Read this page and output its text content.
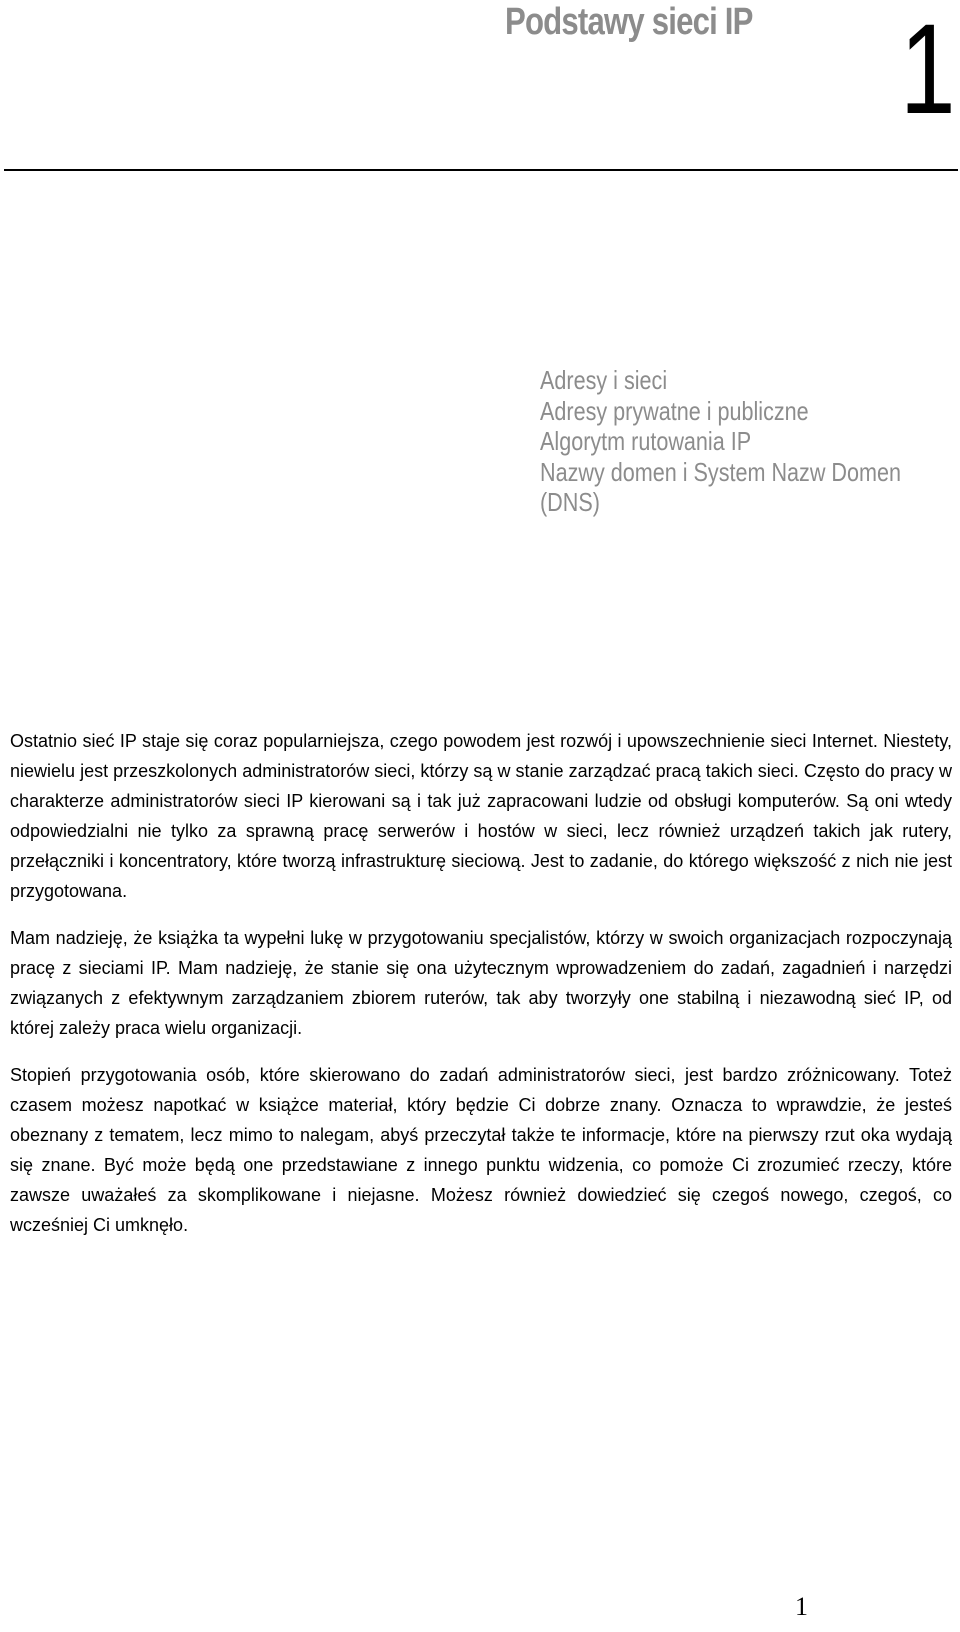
Podstawy sieci IP 1
Adresy i sieci
Adresy prywatne i publiczne
Algorytm rutowania IP
Nazwy domen i System Nazw Domen
(DNS)

Ostatnio sieć IP staje się coraz popularniejsza, czego powodem jest rozwój i upowszechnienie sieci Internet. Niestety, niewielu jest przeszkolonych administratorów sieci, którzy są w stanie zarządzać pracą takich sieci. Często do pracy w charakterze administratorów sieci IP kierowani są i tak już zapracowani ludzie od obsługi komputerów. Są oni wtedy odpowiedzialni nie tylko za sprawną pracę serwerów i hostów w sieci, lecz również urządzeń takich jak rutery, przełączniki i koncentratory, które tworzą infrastrukturę sieciową. Jest to zadanie, do którego większość z nich nie jest przygotowana.

Mam nadzieję, że książka ta wypełni lukę w przygotowaniu specjalistów, którzy w swoich organizacjach rozpoczynają pracę z sieciami IP. Mam nadzieję, że stanie się ona użytecznym wprowadzeniem do zadań, zagadnień i narzędzi związanych z efektywnym zarządzaniem zbiorem ruterów, tak aby tworzyły one stabilną i niezawodną sieć IP, od której zależy praca wielu organizacji.

Stopień przygotowania osób, które skierowano do zadań administratorów sieci, jest bardzo zróżnicowany. Toteż czasem możesz napotkać w książce materiał, który będzie Ci dobrze znany. Oznacza to wprawdzie, że jesteś obeznany z tematem, lecz mimo to nalegam, abyś przeczytał także te informacje, które na pierwszy rzut oka wydają się znane. Być może będą one przedstawiane z innego punktu widzenia, co pomoże Ci zrozumieć rzeczy, które zawsze uważałeś za skomplikowane i niejasne. Możesz również dowiedzieć się czegoś nowego, czegoś, co wcześniej Ci umknęło.

1
